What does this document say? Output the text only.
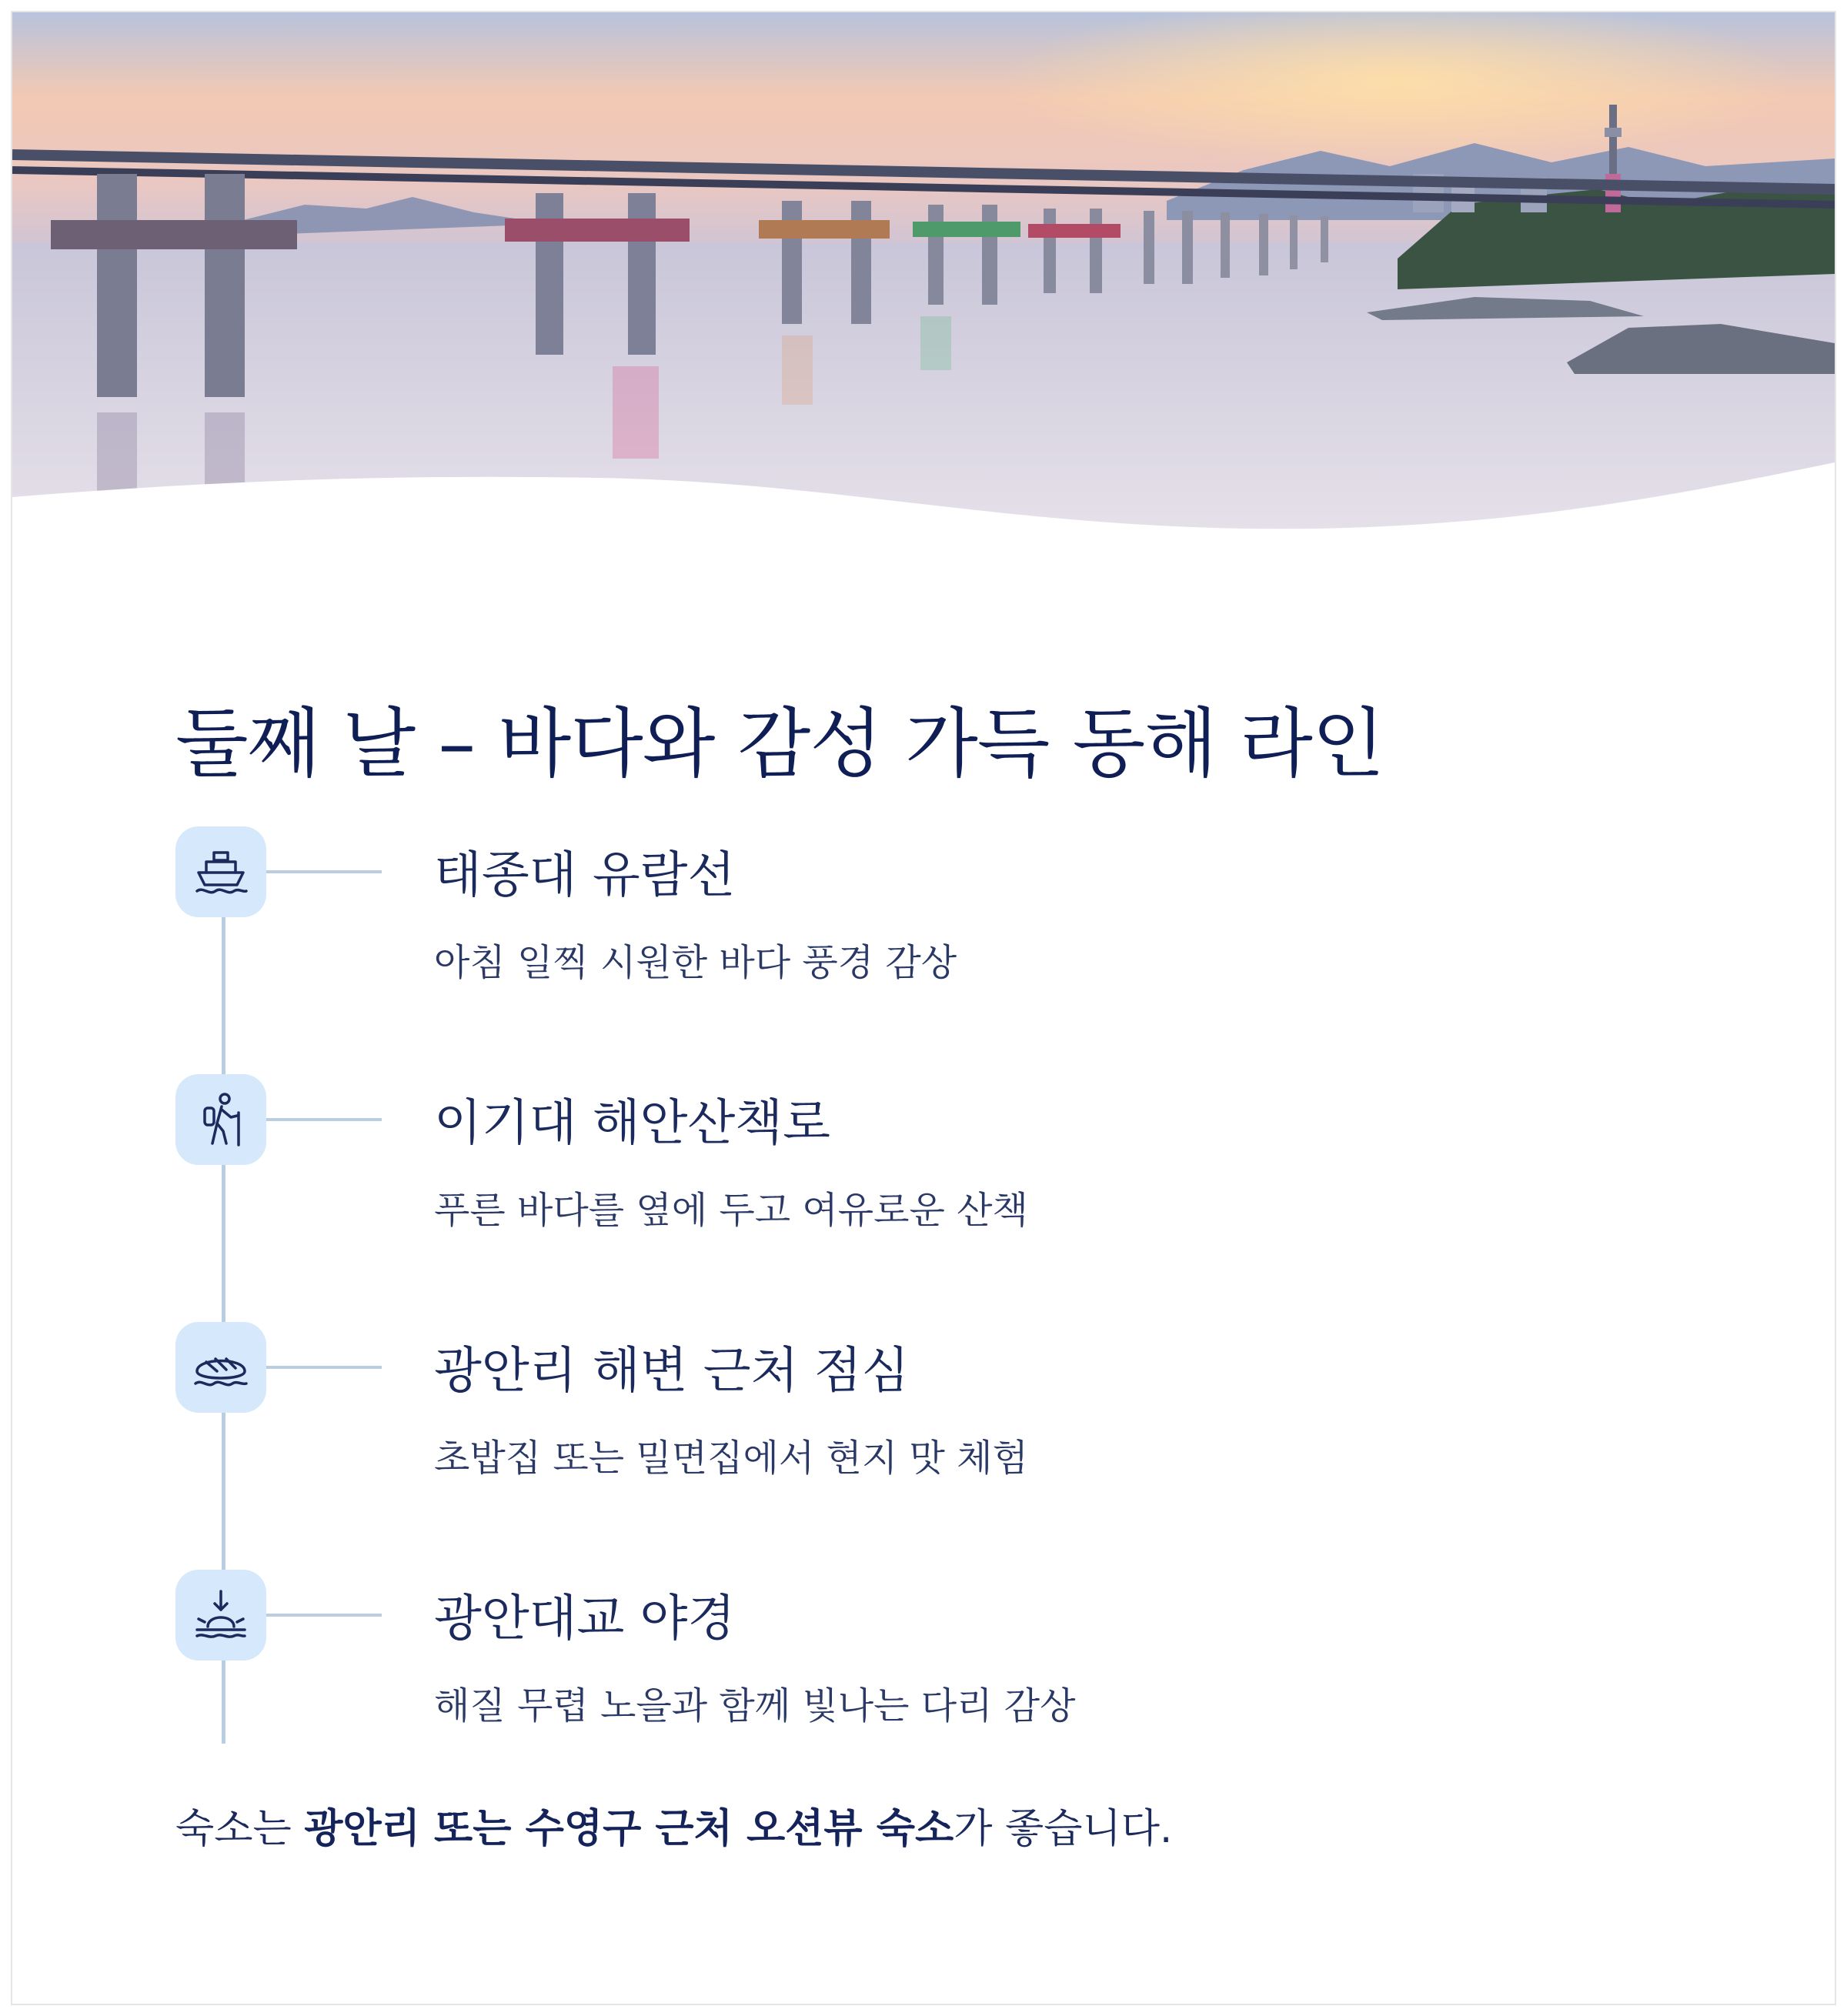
둘째 날 – 바다와 감성 가득 동해 라인
태종대 유람선
아침 일찍 시원한 바다 풍경 감상
이기대 해안산책로
푸른 바다를 옆에 두고 여유로운 산책
광안리 해변 근처 점심
초밥집 또는 밀면집에서 현지 맛 체험
광안대교 야경
해질 무렵 노을과 함께 빛나는 다리 감상
숙소는 광안리 또는 수영구 근처 오션뷰 숙소가 좋습니다.
